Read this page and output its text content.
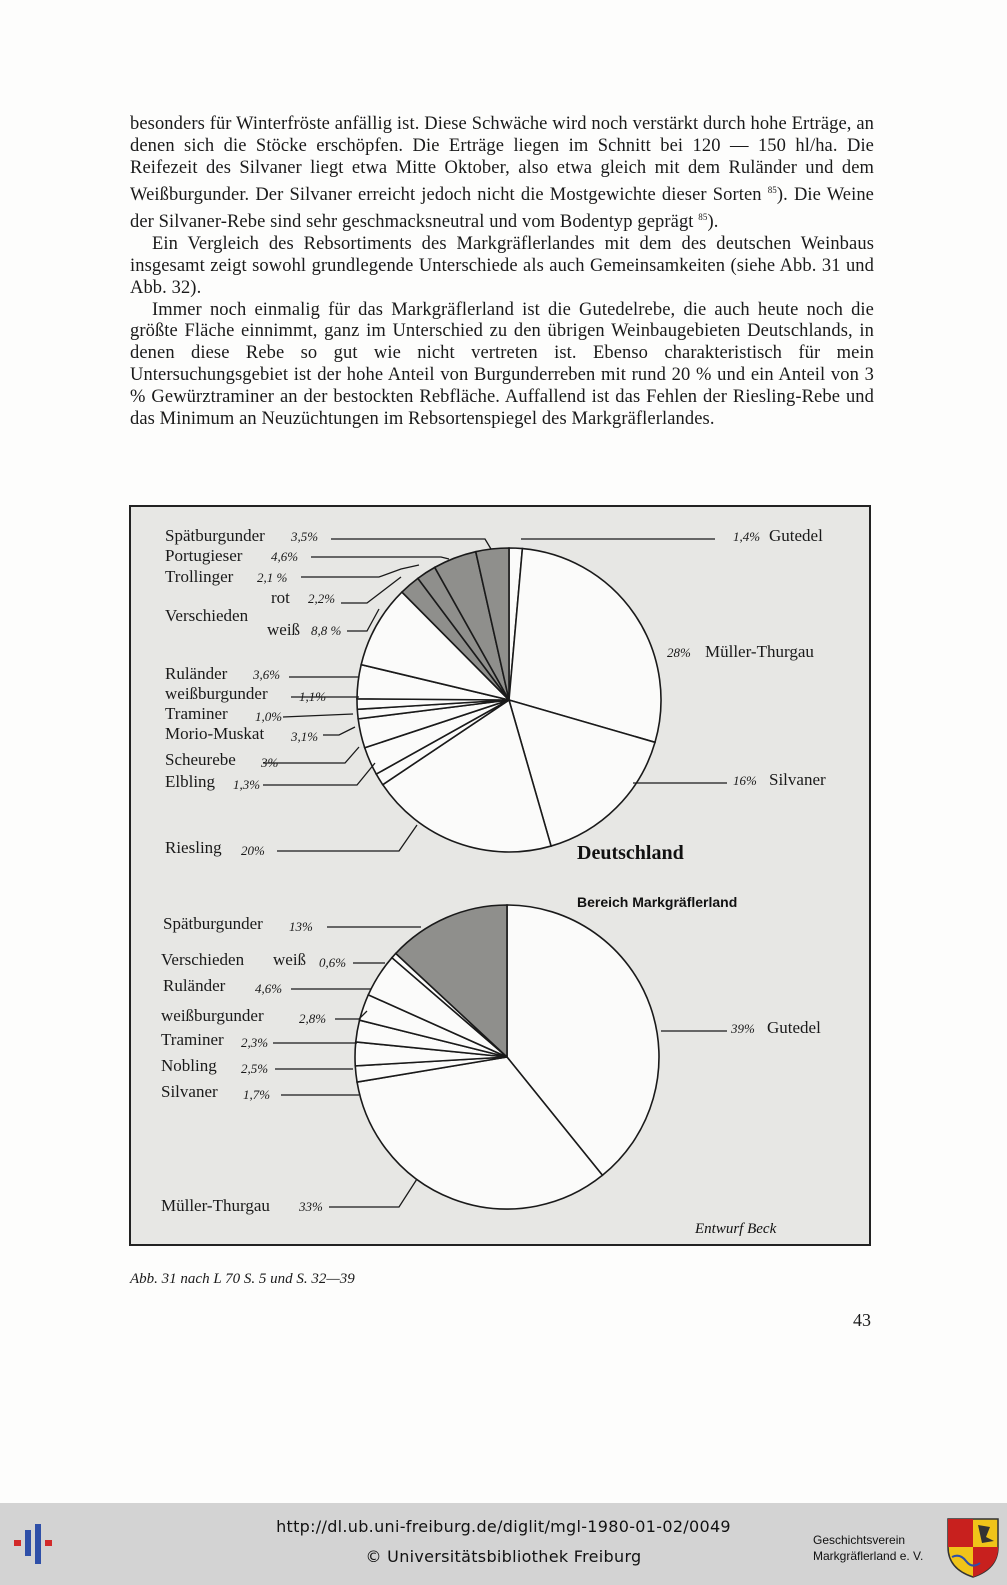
besonders für Winterfröste anfällig ist. Diese Schwäche wird noch verstärkt durch hohe Erträge, an denen sich die Stöcke erschöpfen. Die Erträge liegen im Schnitt bei 120 — 150 hl/ha. Die Reifezeit des Silvaner liegt etwa Mitte Oktober, also etwa gleich mit dem Ruländer und dem Weißburgunder. Der Silvaner erreicht jedoch nicht die Mostgewichte dieser Sorten $^{85}$). Die Weine der Silvaner-Rebe sind sehr geschmacksneutral und vom Bodentyp geprägt $^{85}$).

Ein Vergleich des Rebsortiments des Markgräflerlandes mit dem des deutschen Weinbaus insgesamt zeigt sowohl grundlegende Unterschiede als auch Gemeinsamkeiten (siehe Abb. 31 und Abb. 32).

Immer noch einmalig für das Markgräflerland ist die Gutedelrebe, die auch heute noch die größte Fläche einnimmt, ganz im Unterschied zu den übrigen Weinbaugebieten Deutschlands, in denen diese Rebe so gut wie nicht vertreten ist. Ebenso charakteristisch für mein Untersuchungsgebiet ist der hohe Anteil von Burgunderreben mit rund 20 % und ein Anteil von 3 % Gewürztraminer an der bestockten Rebfläche. Auffallend ist das Fehlen der Riesling-Rebe und das Minimum an Neuzüchtungen im Rebsortenspiegel des Markgräflerlandes.

Spätburgunder 3,5%
Portugieser 4,6%
Trollinger 2,1 %
rot 2,2%
Verschieden
weiß 8,8 %
Ruländer 3,6%
weißburgunder 1,1%
Traminer 1,0%
Morio-Muskat 3,1%
Scheurebe 3%
Elbling 1,3%
Riesling 20%
1,4% Gutedel
28% Müller-Thurgau
16% Silvaner
Deutschland
Bereich Markgräflerland
Spätburgunder 13%
Verschieden weiß 0,6%
Ruländer 4,6%
weißburgunder	2,8%
Traminer 2,3%
Nobling 2,5%
Silvaner 1,7%
Müller-Thurgau 33%
39% Gutedel
Entwurf Beck
Abb. 31 nach L 70 S. 5 und S. 32—39
43
http://dl.ub.uni-freiburg.de/diglit/mgl-1980-01-02/0049
© Universitätsbibliothek Freiburg
Geschichtsverein
Markgräflerland e. V.
